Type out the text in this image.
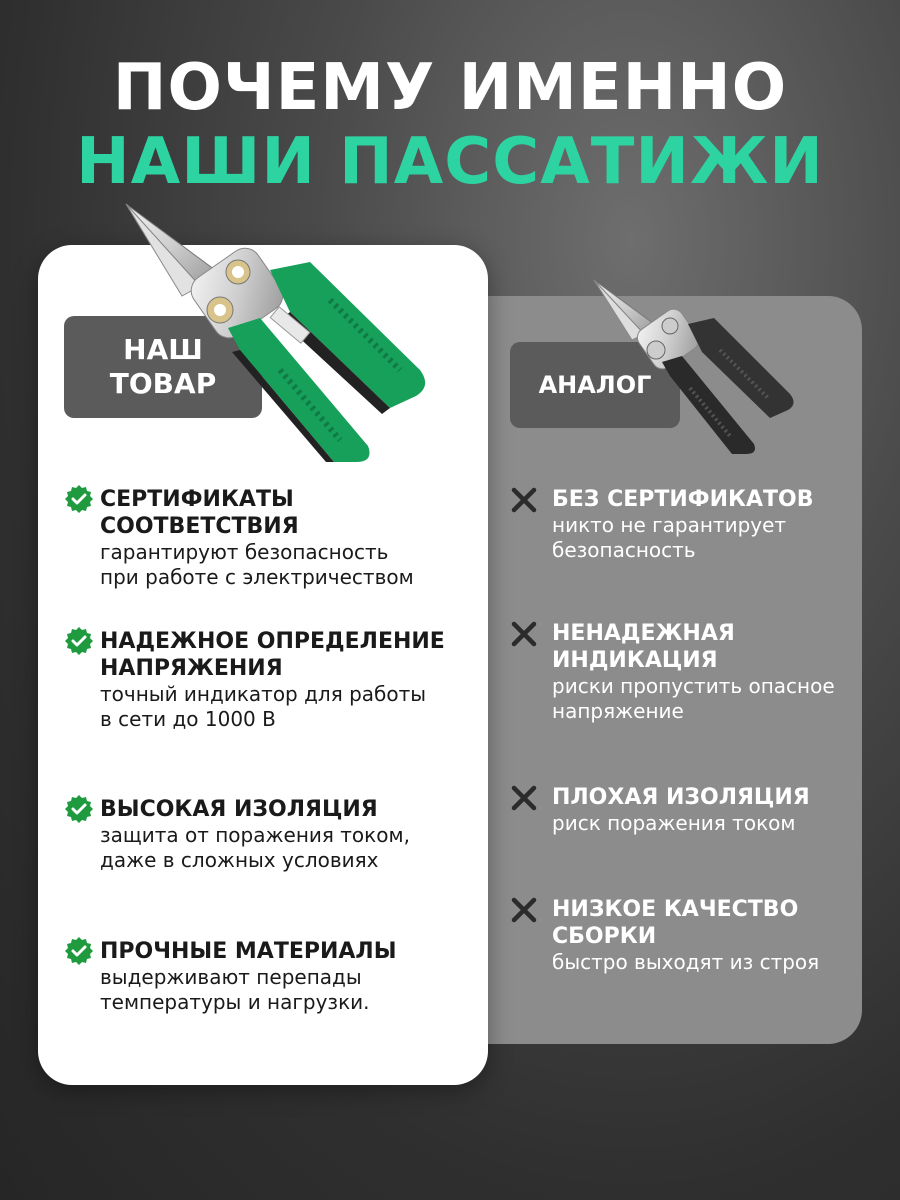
ПОЧЕМУ ИМЕННО
НАШИ ПАССАТИЖИ
НАШ
ТОВАР	АНАЛОГ
СЕРТИФИКАТЫ СООТВЕТСТВИЯ
гарантируют безопасность
при работе с электричеством
НАДЕЖНОЕ ОПРЕДЕЛЕНИЕ
НАПРЯЖЕНИЯ
точный индикатор для работы
в сети до 1000 В
ВЫСОКАЯ ИЗОЛЯЦИЯ
защита от поражения током,
даже в сложных условиях
ПРОЧНЫЕ МАТЕРИАЛЫ
выдерживают перепады
температуры и нагрузки.
БЕЗ СЕРТИФИКАТОВ
никто не гарантирует
безопасность
НЕНАДЕЖНАЯ
ИНДИКАЦИЯ
риски пропустить опасное
напряжение
ПЛОХАЯ ИЗОЛЯЦИЯ
риск поражения током
НИЗКОЕ КАЧЕСТВО
СБОРКИ
быстро выходят из строя
